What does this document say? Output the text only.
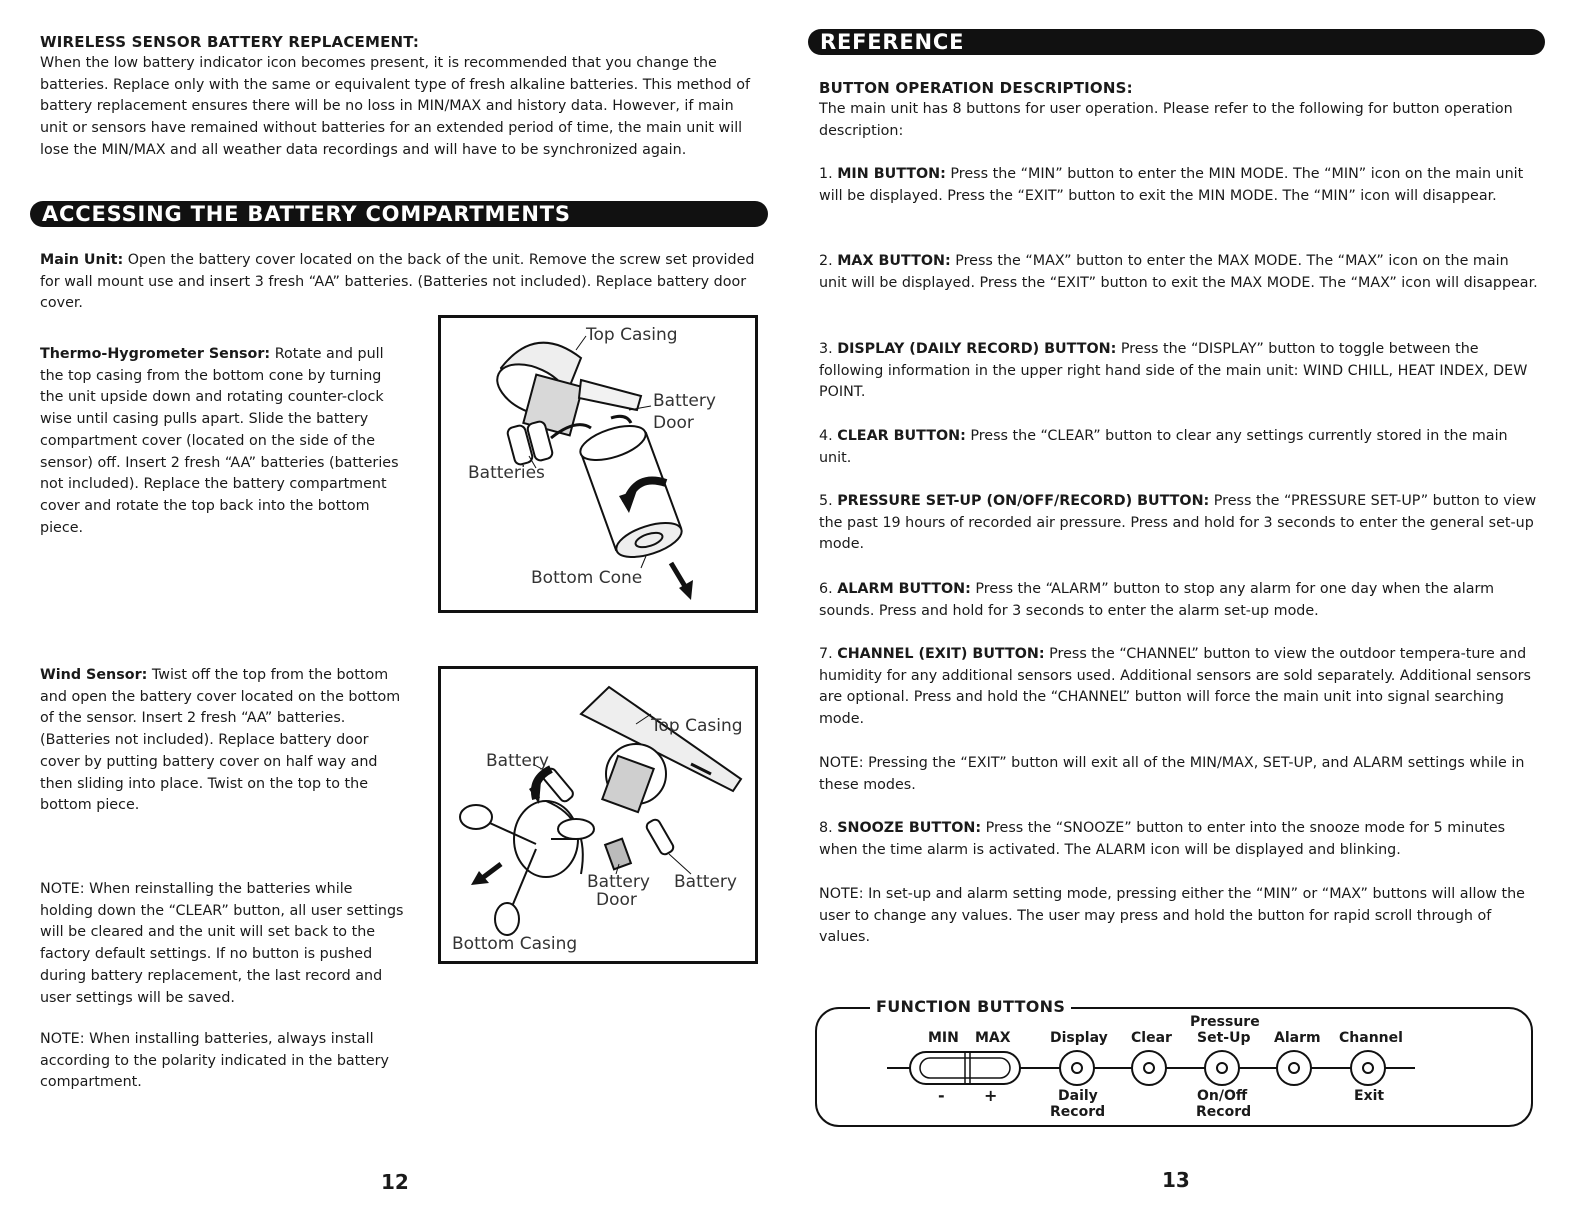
WIRELESS SENSOR BATTERY REPLACEMENT:

When the low battery indicator icon becomes present, it is recommended that you change the batteries. Replace only with the same or equivalent type of fresh alkaline batteries. This method of battery replacement ensures there will be no loss in MIN/MAX and history data. However, if main unit or sensors have remained without batteries for an extended period of time, the main unit will lose the MIN/MAX and all weather data recordings and will have to be synchronized again.

ACCESSING THE BATTERY COMPARTMENTS

Main Unit: Open the battery cover located on the back of the unit. Remove the screw set provided for wall mount use and insert 3 fresh “AA” batteries. (Batteries not included). Replace battery door cover.

Thermo-Hygrometer Sensor: Rotate and pull the top casing from the bottom cone by turning the unit upside down and rotating counter-clock wise until casing pulls apart. Slide the battery compartment cover (located on the side of the sensor) off. Insert 2 fresh “AA” batteries (batteries not included). Replace the battery compartment cover and rotate the top back into the bottom piece.

Wind Sensor: Twist off the top from the bottom and open the battery cover located on the bottom of the sensor. Insert 2 fresh “AA” batteries. (Batteries not included). Replace battery door cover by putting battery cover on half way and then sliding into place. Twist on the top to the bottom piece.

NOTE: When reinstalling the batteries while holding down the “CLEAR” button, all user settings will be cleared and the unit will set back to the factory default settings. If no button is pushed during battery replacement, the last record and user settings will be saved.

NOTE: When installing batteries, always install according to the polarity indicated in the battery compartment.

Top Casing
Battery
Door
Batteries
Bottom Cone
Top Casing
Battery
Battery
Door
Battery
Bottom Casing
12
REFERENCE

BUTTON OPERATION DESCRIPTIONS:

The main unit has 8 buttons for user operation. Please refer to the following for button operation description:

1. MIN BUTTON: Press the “MIN” button to enter the MIN MODE. The “MIN” icon on the main unit will be displayed. Press the “EXIT” button to exit the MIN MODE. The “MIN” icon will disappear.

2. MAX BUTTON: Press the “MAX” button to enter the MAX MODE. The “MAX” icon on the main unit will be displayed. Press the “EXIT” button to exit the MAX MODE. The “MAX” icon will disappear.

3. DISPLAY (DAILY RECORD) BUTTON: Press the “DISPLAY” button to toggle between the following information in the upper right hand side of the main unit: WIND CHILL, HEAT INDEX, DEW POINT.

4. CLEAR BUTTON: Press the “CLEAR” button to clear any settings currently stored in the main unit.

5. PRESSURE SET-UP (ON/OFF/RECORD) BUTTON: Press the “PRESSURE SET-UP” button to view the past 19 hours of recorded air pressure. Press and hold for 3 seconds to enter the general set-up mode.

6. ALARM BUTTON: Press the “ALARM” button to stop any alarm for one day when the alarm sounds. Press and hold for 3 seconds to enter the alarm set-up mode.

7. CHANNEL (EXIT) BUTTON: Press the “CHANNEL” button to view the outdoor tempera-ture and humidity for any additional sensors used. Additional sensors are sold separately. Additional sensors are optional. Press and hold the “CHANNEL” button will force the main unit into signal searching mode.

NOTE: Pressing the “EXIT” button will exit all of the MIN/MAX, SET-UP, and ALARM settings while in these modes.

8. SNOOZE BUTTON: Press the “SNOOZE” button to enter into the snooze mode for 5 minutes when the time alarm is activated. The ALARM icon will be displayed and blinking.

NOTE: In set-up and alarm setting mode, pressing either the “MIN” or “MAX” buttons will allow the user to change any values. The user may press and hold the button for rapid scroll through of values.

13
FUNCTION BUTTONS
MIN MAX
- +
Display
Daily
Record
Clear
Pressure
Set-Up
On/Off
Record
Alarm Channel
Exit
